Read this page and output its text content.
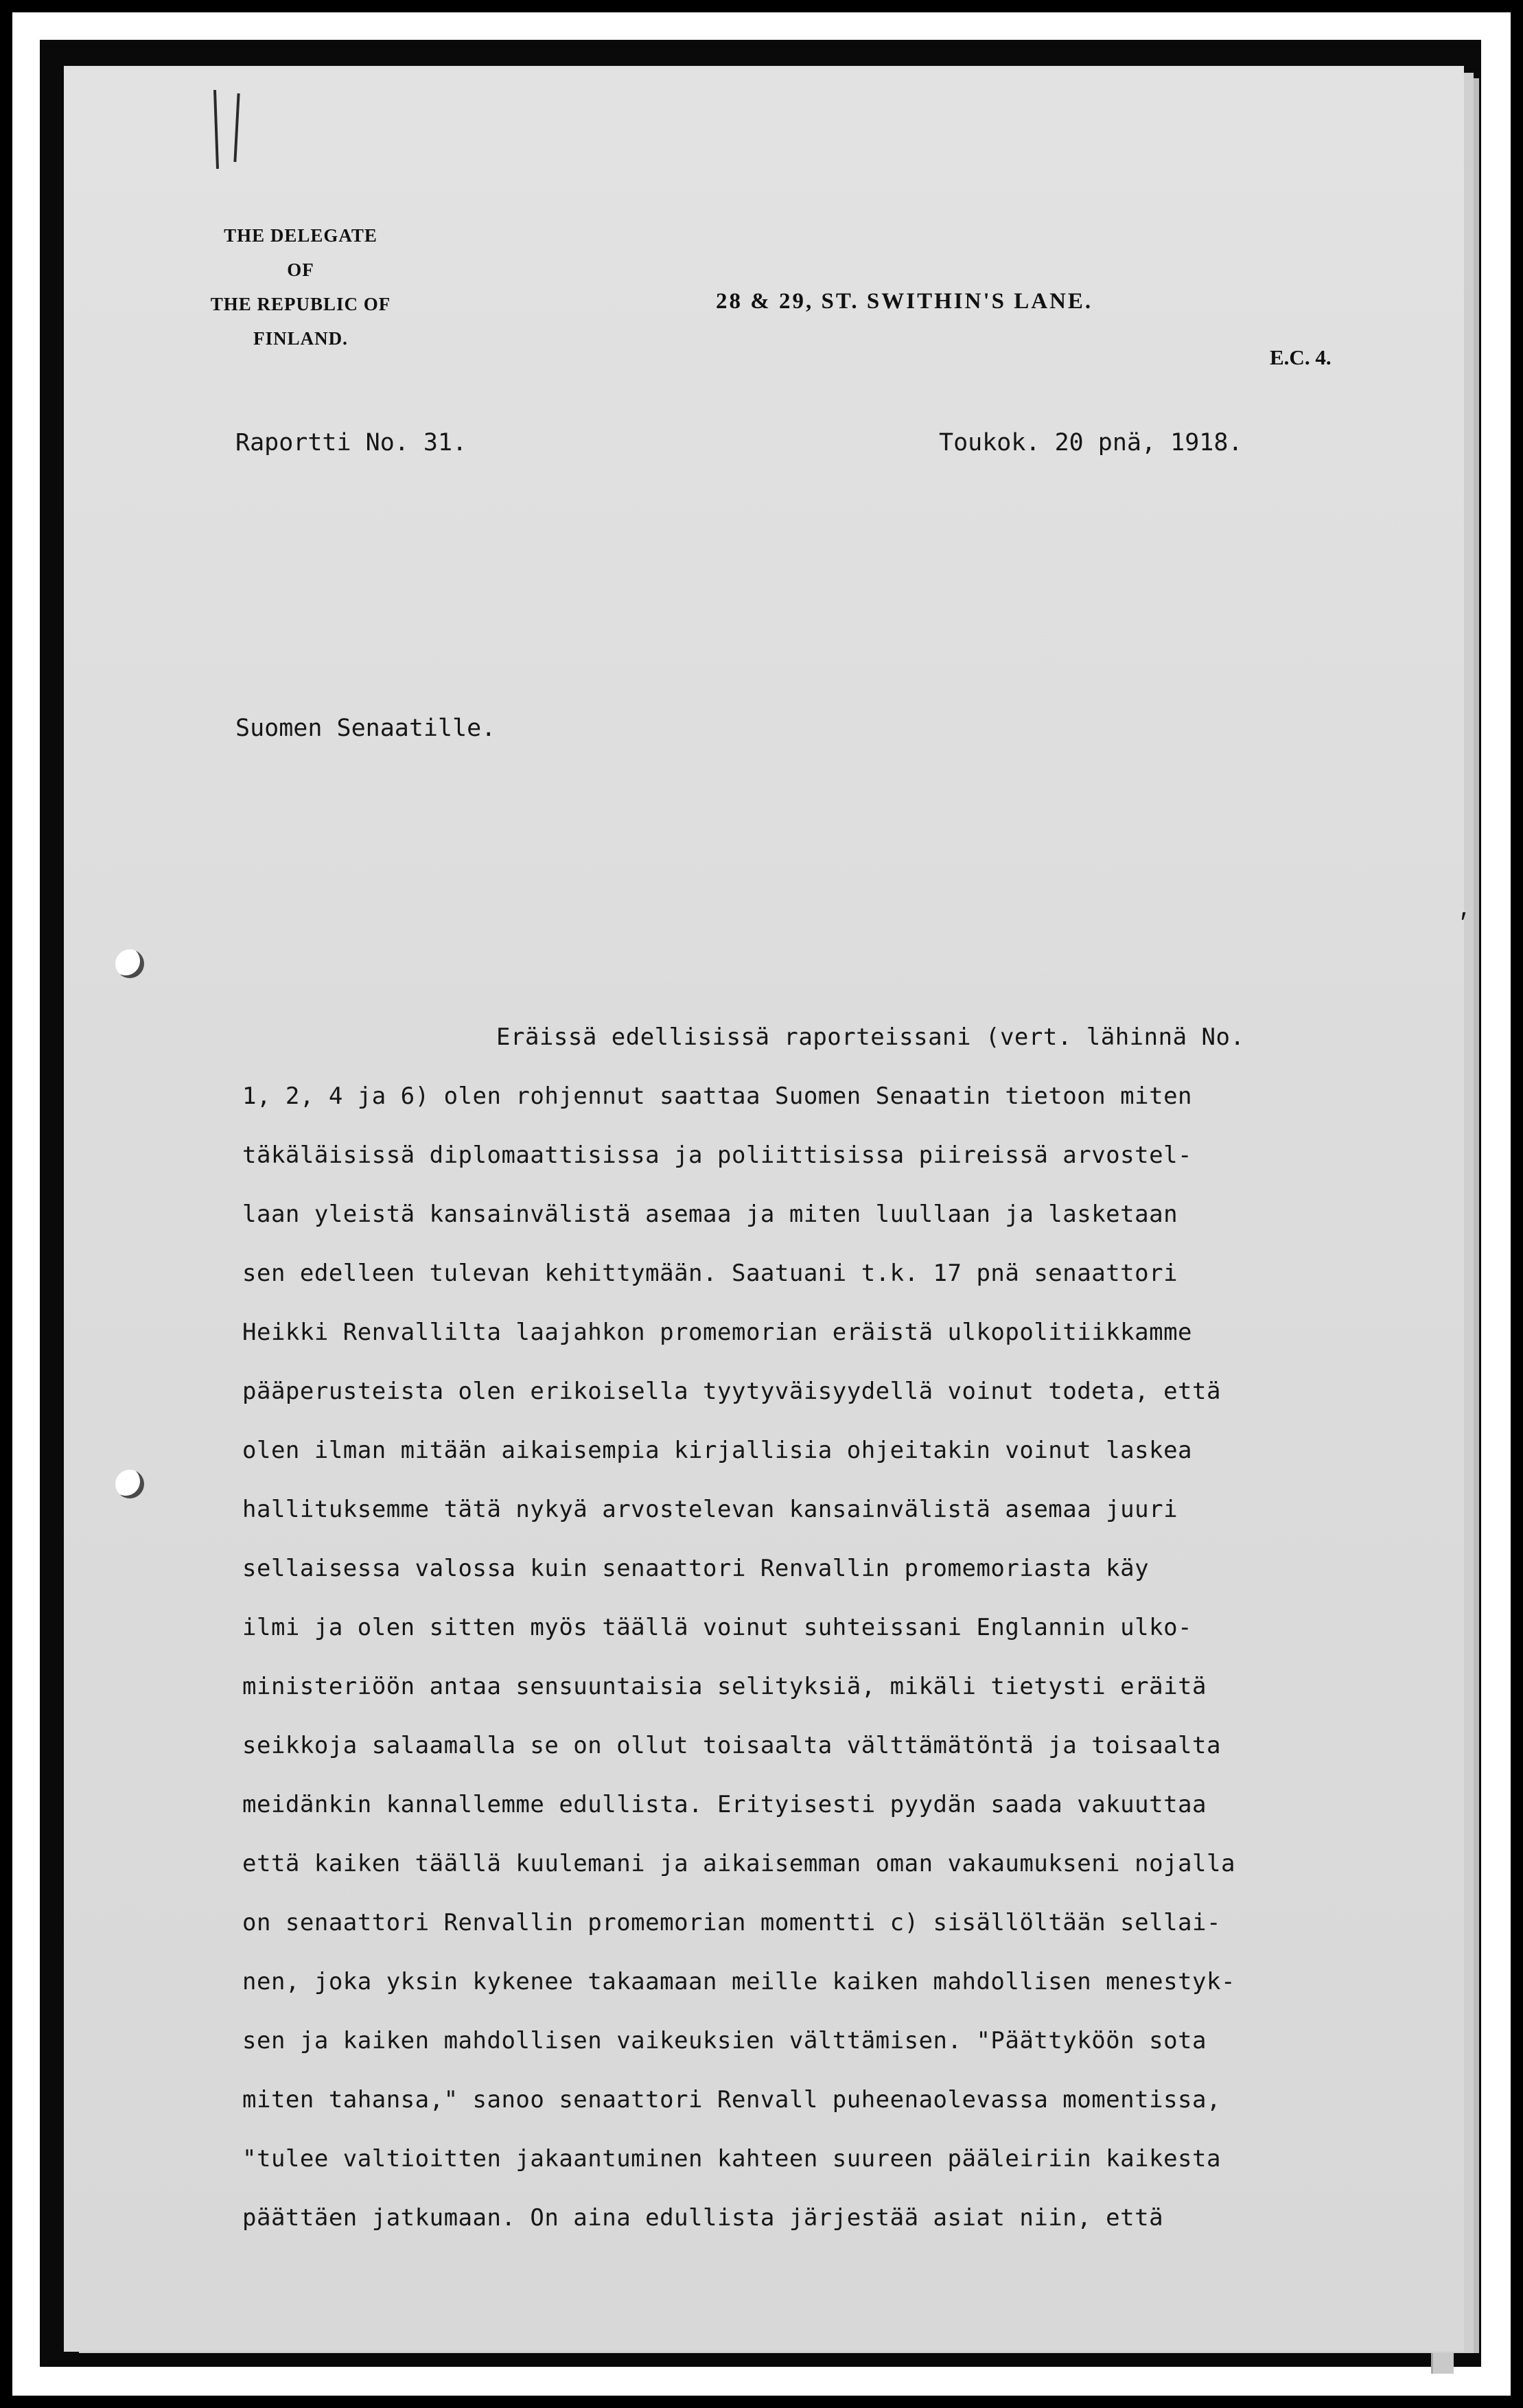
THE DELEGATE
OF
THE REPUBLIC OF
FINLAND.
28 & 29, ST. SWITHIN'S LANE.
E.C. 4.
Raportti No. 31.	Toukok. 20 pnä, 1918.
Suomen Senaatille.
′
Eräissä edellisissä raporteissani (vert. lähinnä No.
1, 2, 4 ja 6) olen rohjennut saattaa Suomen Senaatin tietoon miten
täkäläisissä diplomaattisissa ja poliittisissa piireissä arvostel-
laan yleistä kansainvälistä asemaa ja miten luullaan ja lasketaan
sen edelleen tulevan kehittymään. Saatuani t.k. 17 pnä senaattori
Heikki Renvallilta laajahkon promemorian eräistä ulkopolitiikkamme
pääperusteista olen erikoisella tyytyväisyydellä voinut todeta, että
olen ilman mitään aikaisempia kirjallisia ohjeitakin voinut laskea
hallituksemme tätä nykyä arvostelevan kansainvälistä asemaa juuri
sellaisessa valossa kuin senaattori Renvallin promemoriasta käy
ilmi ja olen sitten myös täällä voinut suhteissani Englannin ulko-
ministeriöön antaa sensuuntaisia selityksiä, mikäli tietysti eräitä
seikkoja salaamalla se on ollut toisaalta välttämätöntä ja toisaalta
meidänkin kannallemme edullista. Erityisesti pyydän saada vakuuttaa
että kaiken täällä kuulemani ja aikaisemman oman vakaumukseni nojalla
on senaattori Renvallin promemorian momentti c) sisällöltään sellai-
nen, joka yksin kykenee takaamaan meille kaiken mahdollisen menestyk-
sen ja kaiken mahdollisen vaikeuksien välttämisen. "Päättyköön sota
miten tahansa," sanoo senaattori Renvall puheenaolevassa momentissa,
"tulee valtioitten jakaantuminen kahteen suureen pääleiriin kaikesta
päättäen jatkumaan. On aina edullista järjestää asiat niin, että
